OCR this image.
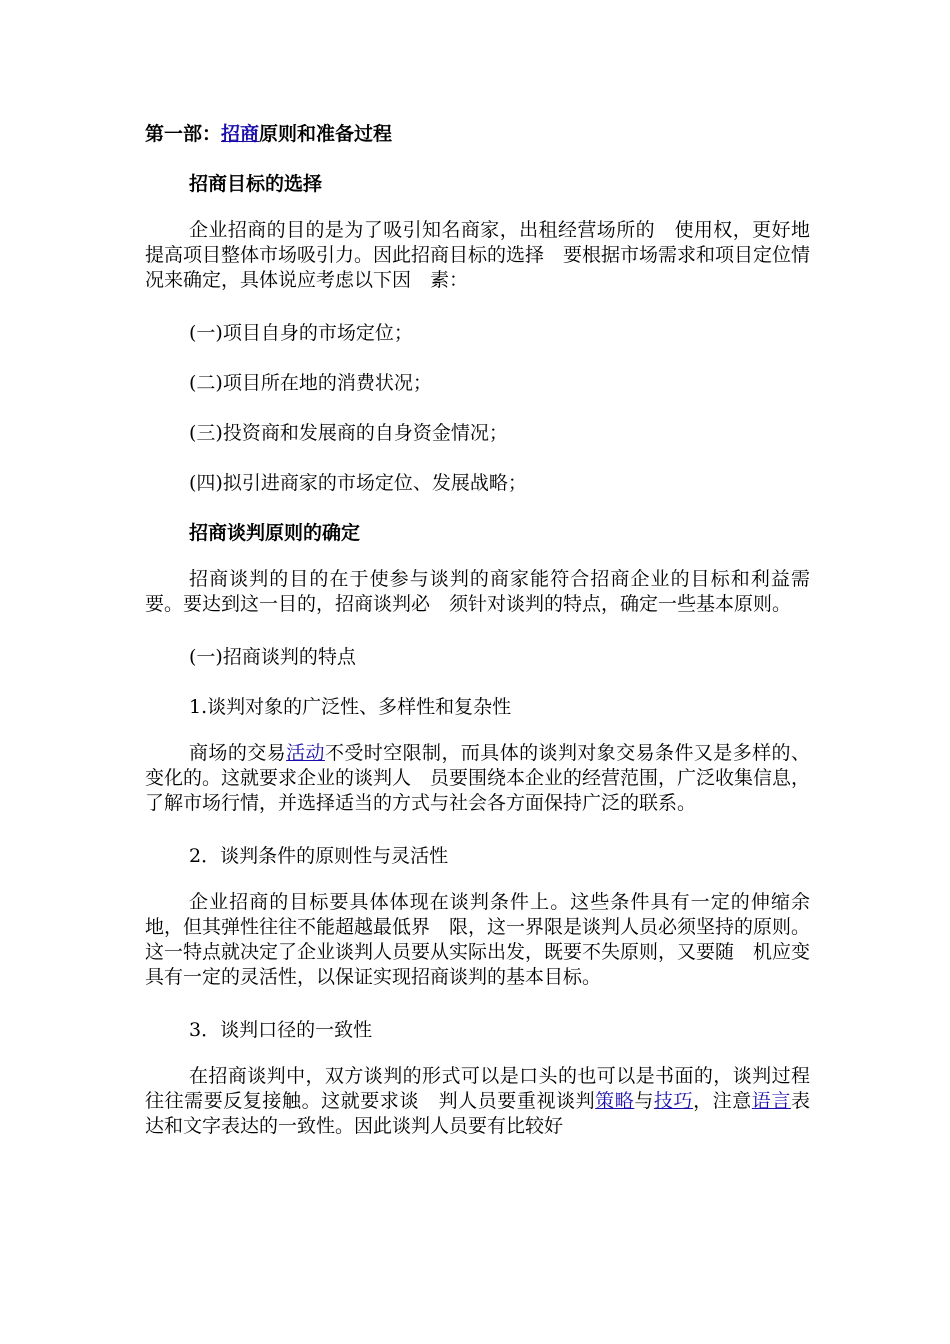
第一部：招商原则和准备过程
招商目标的选择

企业招商的目的是为了吸引知名商家，出租经营场所的　使用权，更好地提高项目整体市场吸引力。因此招商目标的选择　要根据市场需求和项目定位情况来确定，具体说应考虑以下因　素：

(一)项目自身的市场定位；
(二)项目所在地的消费状况；
(三)投资商和发展商的自身资金情况；
(四)拟引进商家的市场定位、发展战略；
招商谈判原则的确定

招商谈判的目的在于使参与谈判的商家能符合招商企业的目标和利益需要。要达到这一目的，招商谈判必　须针对谈判的特点，确定一些基本原则。

(一)招商谈判的特点
1.谈判对象的广泛性、多样性和复杂性

商场的交易活动不受时空限制，而具体的谈判对象交易条件又是多样的、变化的。这就要求企业的谈判人　员要围绕本企业的经营范围，广泛收集信息，了解市场行情，并选择适当的方式与社会各方面保持广泛的联系。

2．谈判条件的原则性与灵活性

企业招商的目标要具体体现在谈判条件上。这些条件具有一定的伸缩余地，但其弹性往往不能超越最低界　限，这一界限是谈判人员必须坚持的原则。这一特点就决定了企业谈判人员要从实际出发，既要不失原则，又要随　机应变具有一定的灵活性，以保证实现招商谈判的基本目标。

3．谈判口径的一致性

在招商谈判中，双方谈判的形式可以是口头的也可以是书面的，谈判过程往往需要反复接触。这就要求谈　判人员要重视谈判策略与技巧，注意语言表达和文字表达的一致性。因此谈判人员要有比较好
